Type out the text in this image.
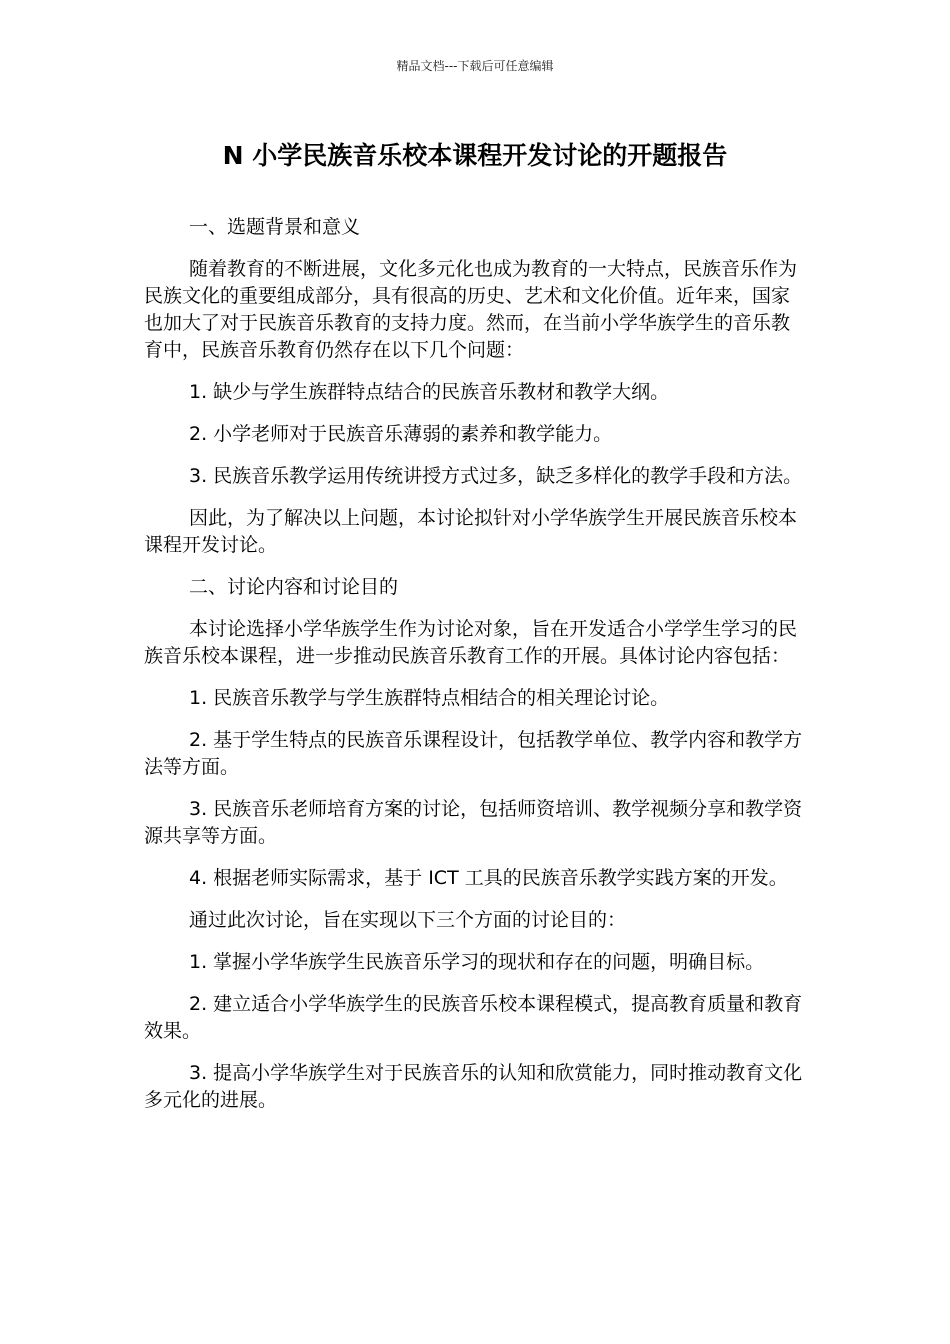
精品文档---下载后可任意编辑
N 小学民族音乐校本课程开发讨论的开题报告

一、选题背景和意义

随着教育的不断进展，文化多元化也成为教育的一大特点，民族音乐作为民族文化的重要组成部分，具有很高的历史、艺术和文化价值。近年来，国家也加大了对于民族音乐教育的支持力度。然而，在当前小学华族学生的音乐教育中，民族音乐教育仍然存在以下几个问题：

1. 缺少与学生族群特点结合的民族音乐教材和教学大纲。

2. 小学老师对于民族音乐薄弱的素养和教学能力。

3. 民族音乐教学运用传统讲授方式过多，缺乏多样化的教学手段和方法。

因此，为了解决以上问题，本讨论拟针对小学华族学生开展民族音乐校本课程开发讨论。

二、讨论内容和讨论目的

本讨论选择小学华族学生作为讨论对象，旨在开发适合小学学生学习的民族音乐校本课程，进一步推动民族音乐教育工作的开展。具体讨论内容包括：

1. 民族音乐教学与学生族群特点相结合的相关理论讨论。

2. 基于学生特点的民族音乐课程设计，包括教学单位、教学内容和教学方法等方面。

3. 民族音乐老师培育方案的讨论，包括师资培训、教学视频分享和教学资源共享等方面。

4. 根据老师实际需求，基于 ICT 工具的民族音乐教学实践方案的开发。

通过此次讨论，旨在实现以下三个方面的讨论目的：

1. 掌握小学华族学生民族音乐学习的现状和存在的问题，明确目标。

2. 建立适合小学华族学生的民族音乐校本课程模式，提高教育质量和教育效果。

3. 提高小学华族学生对于民族音乐的认知和欣赏能力，同时推动教育文化多元化的进展。
